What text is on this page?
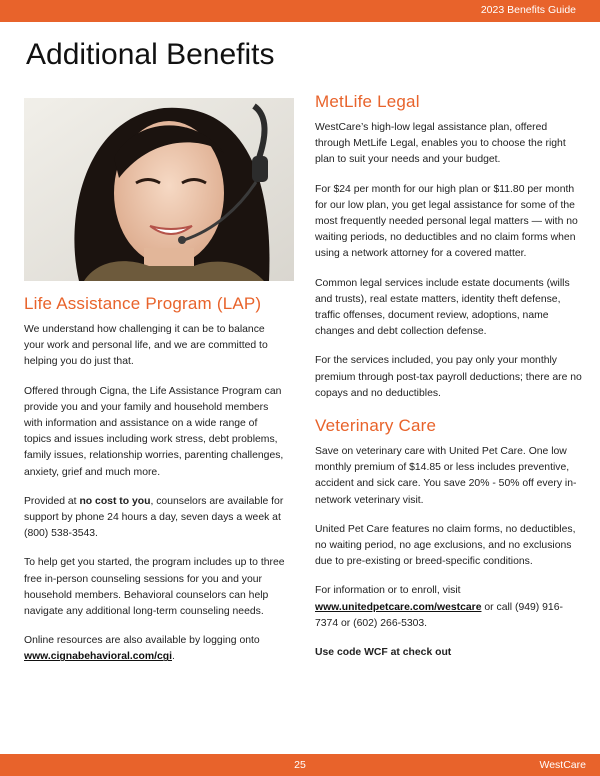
2023 Benefits Guide
Additional Benefits
Life Assistance Program (LAP)

We understand how challenging it can be to balance your work and personal life, and we are committed to helping you do just that.

Offered through Cigna, the Life Assistance Program can provide you and your family and household members with information and assistance on a wide range of topics and issues including work stress, debt problems, family issues, relationship worries, parenting challenges, anxiety, grief and much more.

Provided at no cost to you, counselors are available for support by phone 24 hours a day, seven days a week at (800) 538-3543.

To help get you started, the program includes up to three free in-person counseling sessions for you and your household members. Behavioral counselors can help navigate any additional long-term counseling needs.

Online resources are also available by logging onto www.cignabehavioral.com/cgi.

MetLife Legal

WestCare’s high-low legal assistance plan, offered through MetLife Legal, enables you to choose the right plan to suit your needs and your budget.

For $24 per month for our high plan or $11.80 per month for our low plan, you get legal assistance for some of the most frequently needed personal legal matters — with no waiting periods, no deductibles and no claim forms when using a network attorney for a covered matter.

Common legal services include estate documents (wills and trusts), real estate matters, identity theft defense, traffic offenses, document review, adoptions, name changes and debt collection defense.

For the services included, you pay only your monthly premium through post-tax payroll deductions; there are no copays and no deductibles.

Veterinary Care

Save on veterinary care with United Pet Care. One low monthly premium of $14.85 or less includes preventive, accident and sick care. You save 20% - 50% off every in-network veterinary visit.

United Pet Care features no claim forms, no deductibles, no waiting period, no age exclusions, and no exclusions due to pre-existing or breed-specific conditions.

For information or to enroll, visit www.unitedpetcare.com/westcare or call (949) 916-7374 or (602) 266-5303.

Use code WCF at check out

25	WestCare
